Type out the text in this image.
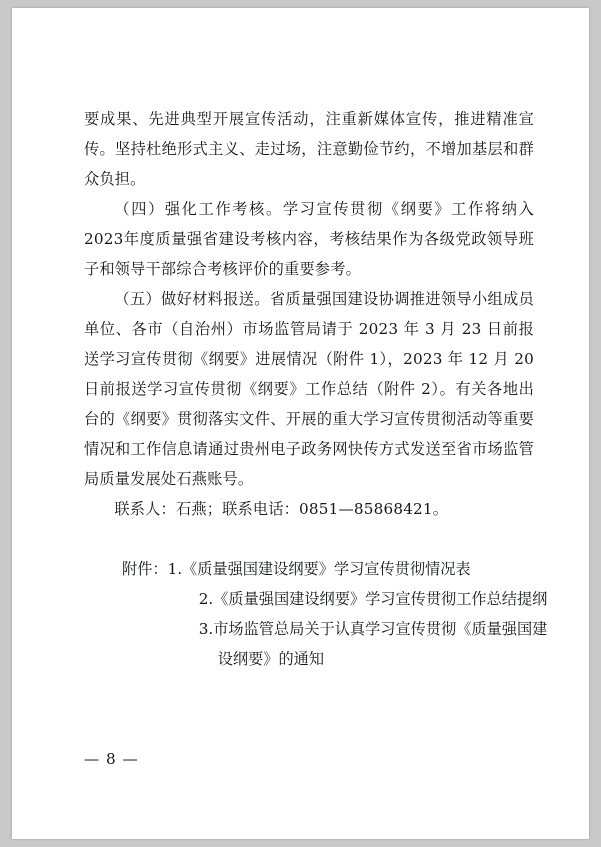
要成果、先进典型开展宣传活动，注重新媒体宣传，推进精准宣传。坚持杜绝形式主义、走过场，注意勤俭节约，不增加基层和群众负担。

（四）强化工作考核。学习宣传贯彻《纲要》工作将纳入2023年度质量强省建设考核内容，考核结果作为各级党政领导班子和领导干部综合考核评价的重要参考。

（五）做好材料报送。省质量强国建设协调推进领导小组成员单位、各市（自治州）市场监管局请于 2023 年 3 月 23 日前报送学习宣传贯彻《纲要》进展情况（附件 1），2023 年 12 月 20 日前报送学习宣传贯彻《纲要》工作总结（附件 2）。有关各地出台的《纲要》贯彻落实文件、开展的重大学习宣传贯彻活动等重要情况和工作信息请通过贵州电子政务网快传方式发送至省市场监管局质量发展处石燕账号。

联系人：石燕；联系电话：0851—85868421。

附件： 1.《质量强国建设纲要》学习宣传贯彻情况表
2.《质量强国建设纲要》学习宣传贯彻工作总结提纲
3.市场监管总局关于认真学习宣传贯彻《质量强国建
设纲要》的通知
— 8 —
